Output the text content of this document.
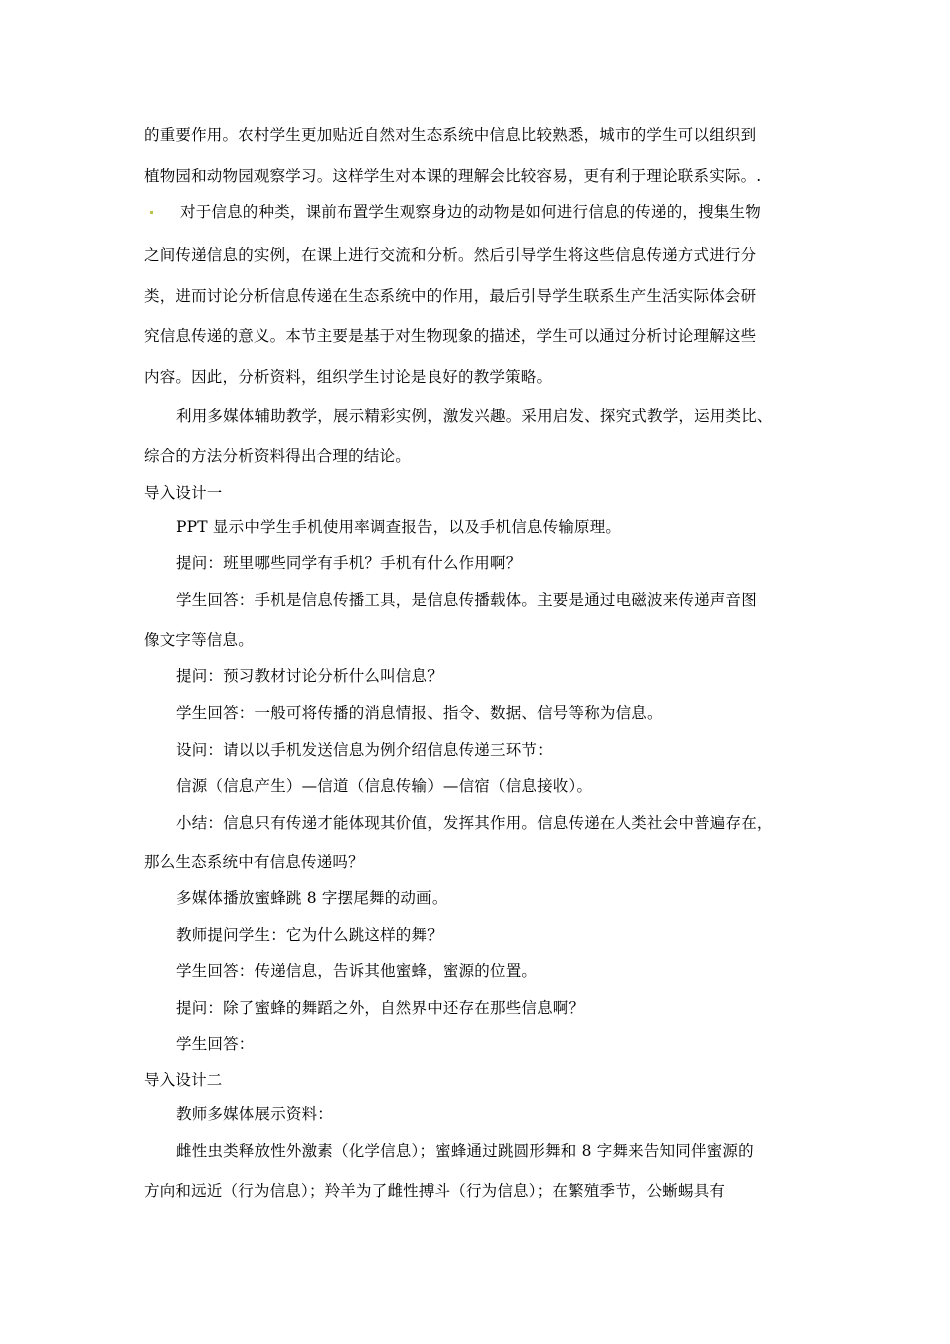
的重要作用。农村学生更加贴近自然对生态系统中信息比较熟悉，城市的学生可以组织到
植物园和动物园观察学习。这样学生对本课的理解会比较容易，更有利于理论联系实际。.
对于信息的种类，课前布置学生观察身边的动物是如何进行信息的传递的，搜集生物
之间传递信息的实例，在课上进行交流和分析。然后引导学生将这些信息传递方式进行分
类，进而讨论分析信息传递在生态系统中的作用，最后引导学生联系生产生活实际体会研
究信息传递的意义。本节主要是基于对生物现象的描述，学生可以通过分析讨论理解这些
内容。因此，分析资料，组织学生讨论是良好的教学策略。
利用多媒体辅助教学，展示精彩实例，激发兴趣。采用启发、探究式教学，运用类比、
综合的方法分析资料得出合理的结论。
导入设计一
PPT 显示中学生手机使用率调查报告，以及手机信息传输原理。
提问：班里哪些同学有手机？手机有什么作用啊？
学生回答：手机是信息传播工具，是信息传播载体。主要是通过电磁波来传递声音图
像文字等信息。
提问：预习教材讨论分析什么叫信息？
学生回答：一般可将传播的消息情报、指令、数据、信号等称为信息。
设问：请以以手机发送信息为例介绍信息传递三环节：
信源（信息产生）—信道（信息传输）—信宿（信息接收）。
小结：信息只有传递才能体现其价值，发挥其作用。信息传递在人类社会中普遍存在，
那么生态系统中有信息传递吗？
多媒体播放蜜蜂跳 8 字摆尾舞的动画。
教师提问学生：它为什么跳这样的舞？
学生回答：传递信息，告诉其他蜜蜂，蜜源的位置。
提问：除了蜜蜂的舞蹈之外，自然界中还存在那些信息啊？
学生回答：
导入设计二
教师多媒体展示资料：
雌性虫类释放性外激素（化学信息）；蜜蜂通过跳圆形舞和 8 字舞来告知同伴蜜源的
方向和远近（行为信息）；羚羊为了雌性搏斗（行为信息）；在繁殖季节，公蜥蜴具有
